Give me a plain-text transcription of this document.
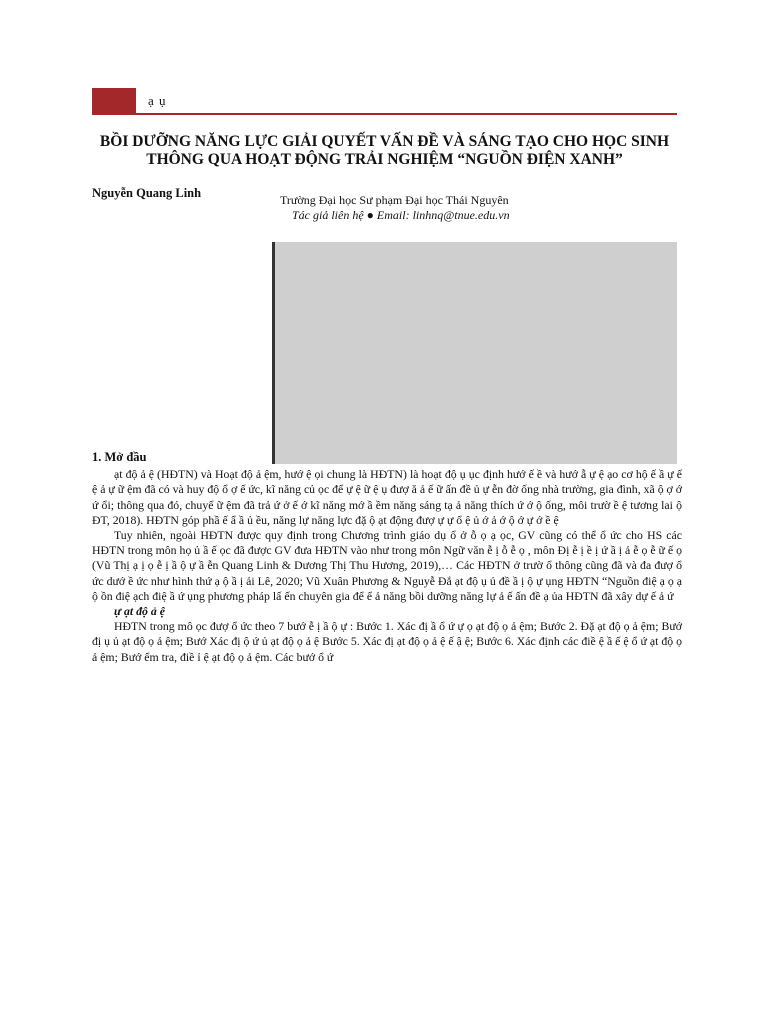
ạ ụ
BỒI DƯỠNG NĂNG LỰC GIẢI QUYẾT VẤN ĐỀ VÀ SÁNG TẠO CHO HỌC SINH
THÔNG QUA HOẠT ĐỘNG TRẢI NGHIỆM “NGUỒN ĐIỆN XANH”
Nguyễn Quang Linh	Trường Đại học Sư phạm Đại học Thái Nguyên
Tác giả liên hệ ● Email: linhnq@tnue.edu.vn
1. Mở đầu

ạt độ ả ệ (HĐTN) và Hoạt độ ả ệm, hướ ệ ọi chung là HĐTN) là hoạt độ ụ ục định hướ ế ề và hướ ẫ ự ệ ạo cơ hộ ế ầ ự ế ệ ả ự ữ ệm đã có và huy độ ổ ợ ế ức, kĩ năng củ ọc để ự ệ ữ ệ ụ đượ ă ả ế ữ ấn đề ủ ự ễn đờ ống nhà trường, gia đình, xã ộ ợ ớ ứ ổi; thông qua đó, chuyể ữ ệm đã trả ứ ở ế ớ kĩ năng mớ ầ ềm năng sáng tạ ả năng thích ứ ớ ộ ống, môi trườ ề ệ tương lai ộ ĐT, 2018). HĐTN góp phầ ế ẩ ầ ủ ều, năng lự năng lực đặ ộ ạt động đượ ự ự ổ ệ ủ ớ ả ớ ộ ớ ự ớ ề ệ

Tuy nhiên, ngoài HĐTN được quy định trong Chương trình giáo dụ ổ ở ỗ ọ ạ ọc, GV cũng có thể ổ ức cho HS các HĐTN trong môn họ ủ ầ ế ọc đã được GV đưa HĐTN vào như trong môn Ngữ văn ễ ị ỗ ễ ọ , môn Đị ễ ị ề ị ứ ầ ị ả ễ ọ ễ ữ ế ọ (Vũ Thị ạ ị ọ ễ ị ầ ộ ự ầ ễn Quang Linh & Dương Thị Thu Hương, 2019),… Các HĐTN ở trườ ổ thông cũng đã và đa đượ ổ ức dướ ề ức như hình thứ ạ ộ ầ ị ải Lê, 2020; Vũ Xuân Phương & Nguyễ Đắ ạt độ ụ ủ đề ầ ị ộ ự ụng HĐTN “Nguồn điệ ạ ọ ạ ộ ồn điệ ạch điệ ầ ứ ụng phương pháp lấ ến chuyên gia để ể ả năng bồi dưỡng năng lự ả ế ấn đề ạ ủa HĐTN đã xây dự ế ả ứ

ự ạt độ ả ệ

HĐTN trong mô ọc đượ ổ ức theo 7 bướ ễ ị ầ ộ ự : Bước 1. Xác đị ầ ổ ứ ự ọ ạt độ ọ ả ệm; Bước 2. Đặ ạt độ ọ ả ệm; Bướ đị ụ ủ ạt độ ọ ả ệm; Bướ Xác đị ộ ứ ủ ạt độ ọ ả ệ Bước 5. Xác đị ạt độ ọ ả ệ ế ậ ệ; Bước 6. Xác định các điề ệ ầ ế ệ ổ ứ ạt độ ọ ả ệm; Bướ ểm tra, điề ỉ ệ ạt độ ọ ả ệm. Các bướ ổ ứ
